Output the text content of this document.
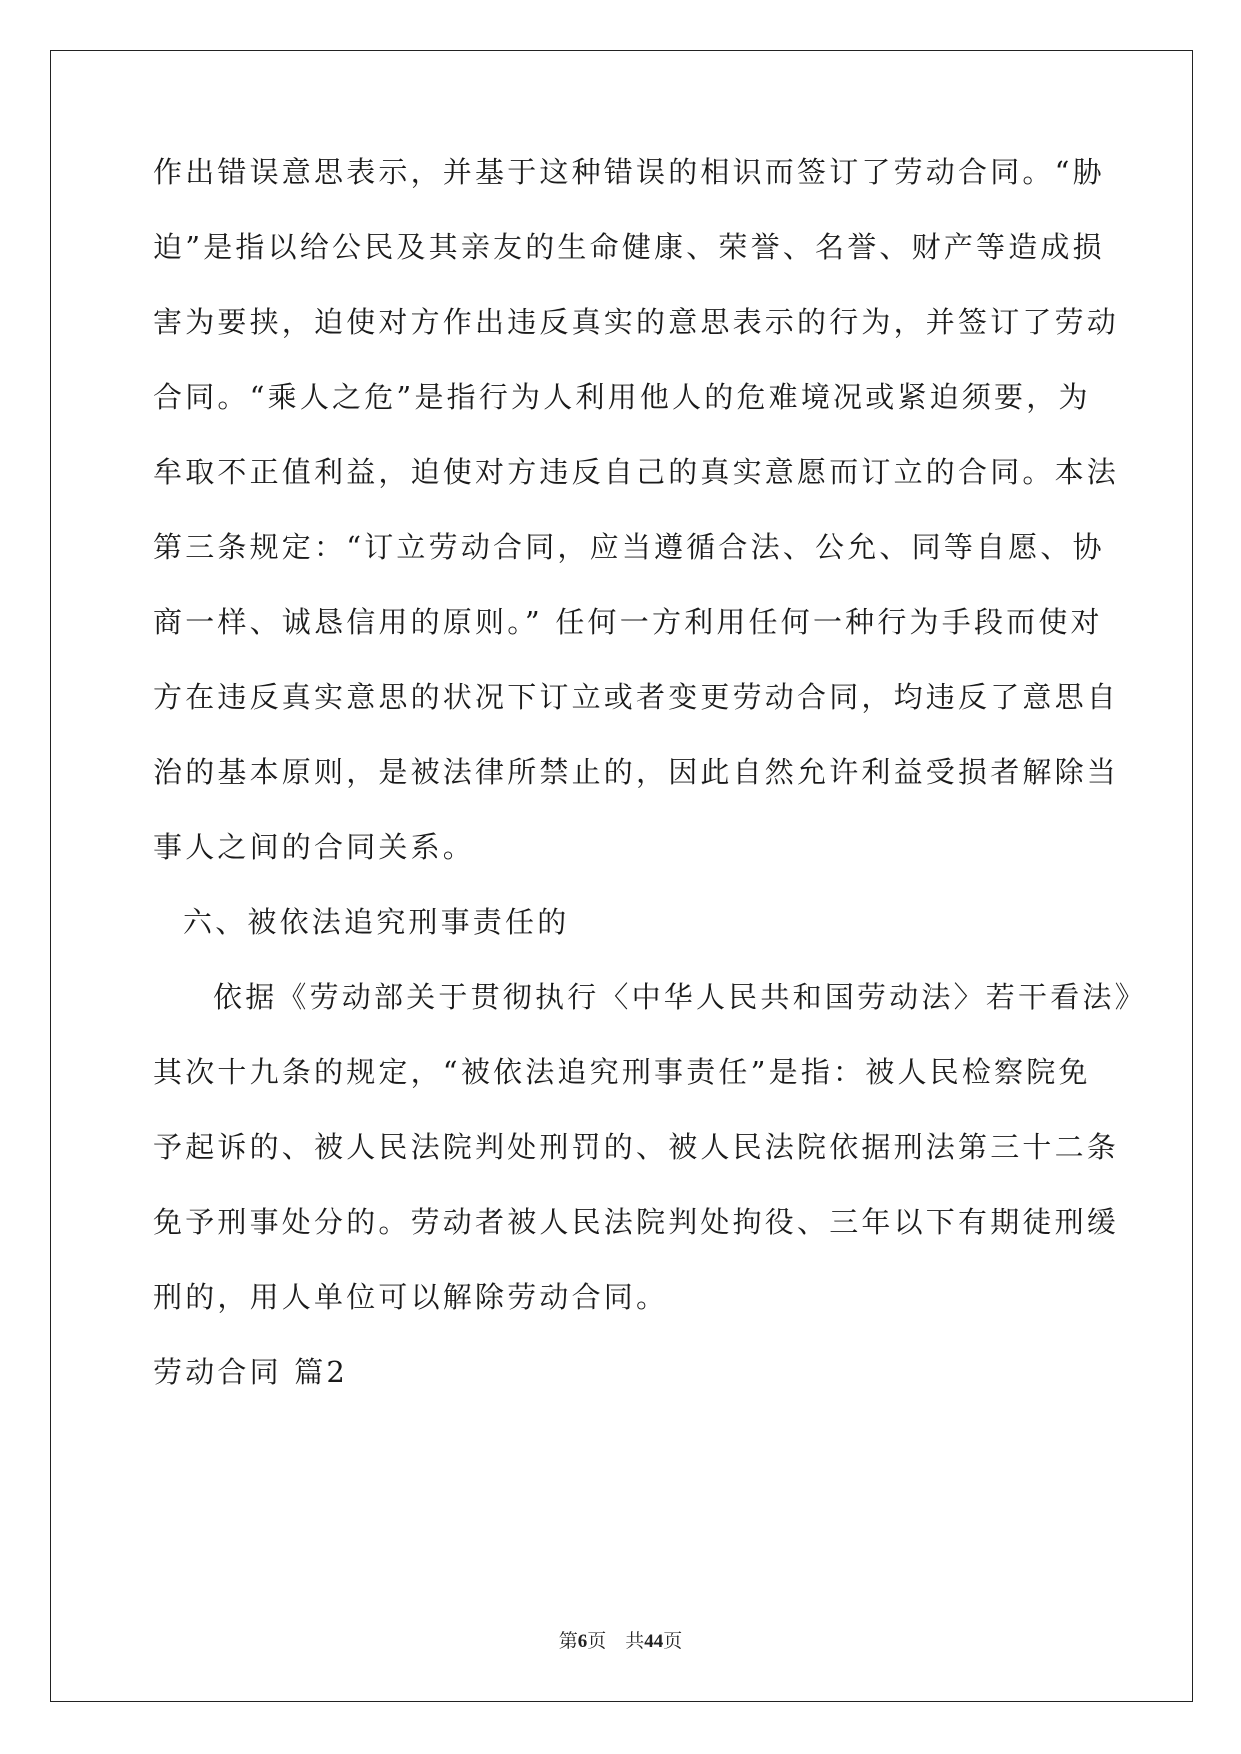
作出错误意思表示，并基于这种错误的相识而签订了劳动合同。“胁
迫”是指以给公民及其亲友的生命健康、荣誉、名誉、财产等造成损
害为要挟，迫使对方作出违反真实的意思表示的行为，并签订了劳动
合同。“乘人之危”是指行为人利用他人的危难境况或紧迫须要，为
牟取不正值利益，迫使对方违反自己的真实意愿而订立的合同。本法
第三条规定：“订立劳动合同，应当遵循合法、公允、同等自愿、协
商一样、诚恳信用的原则。” 任何一方利用任何一种行为手段而使对
方在违反真实意思的状况下订立或者变更劳动合同，均违反了意思自
治的基本原则，是被法律所禁止的，因此自然允许利益受损者解除当
事人之间的合同关系。
六、被依法追究刑事责任的
依据《劳动部关于贯彻执行〈中华人民共和国劳动法〉若干看法》
其次十九条的规定，“被依法追究刑事责任”是指：被人民检察院免
予起诉的、被人民法院判处刑罚的、被人民法院依据刑法第三十二条
免予刑事处分的。劳动者被人民法院判处拘役、三年以下有期徒刑缓
刑的，用人单位可以解除劳动合同。
劳动合同 篇2
第6页　共44页
